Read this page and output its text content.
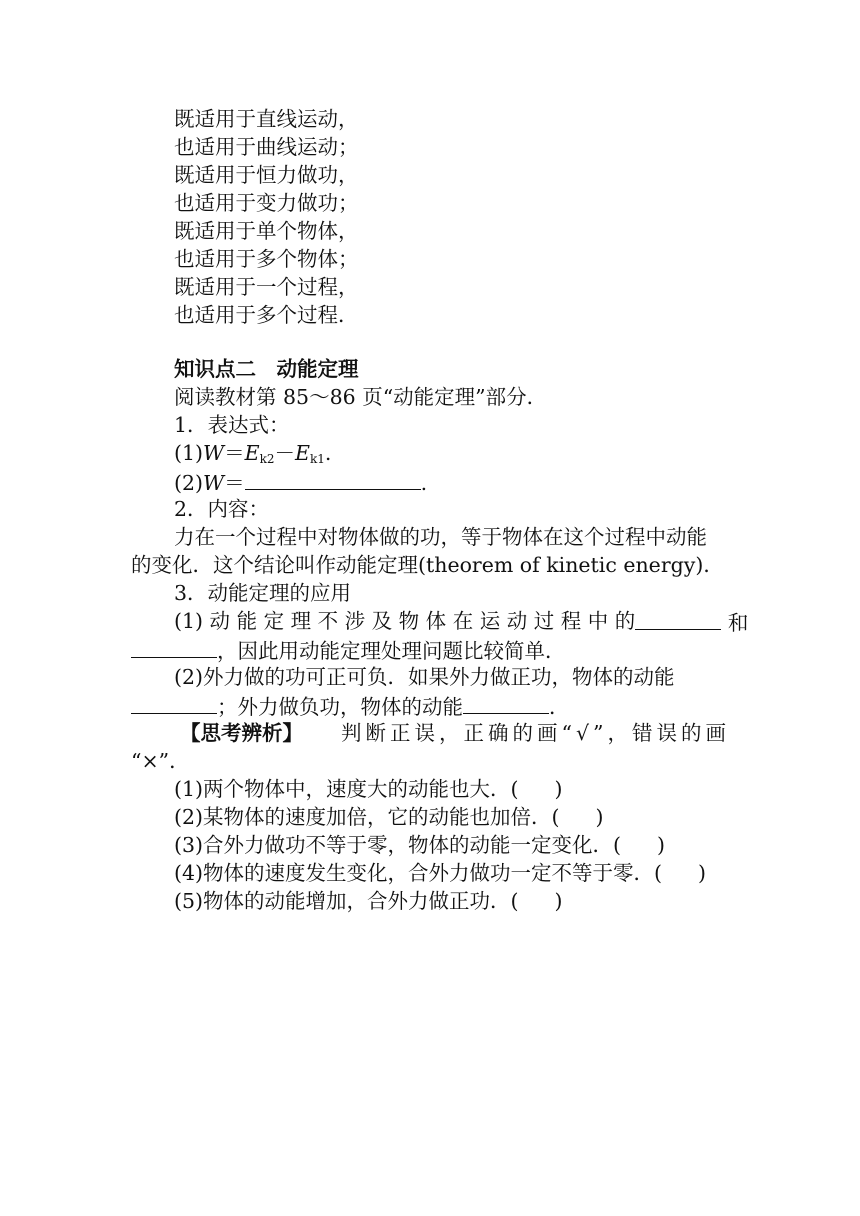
既适用于直线运动，
也适用于曲线运动；
既适用于恒力做功，
也适用于变力做功；
既适用于单个物体，
也适用于多个物体；
既适用于一个过程，
也适用于多个过程．
知识点二　动能定理
阅读教材第 85～86 页“动能定理”部分．
1．表达式：
$(1)W=E_{k2}-E_{k1}$.
(2)W＝	.
2．内容：
力在一个过程中对物体做的功，等于物体在这个过程中动能
的变化．这个结论叫作动能定理(theorem of kinetic energy)．
3．动能定理的应用
(1) 动 能 定 理 不 涉 及 物 体 在 运 动 过 程 中 的	和
，因此用动能定理处理问题比较简单．
(2)外力做的功可正可负．如果外力做正功，物体的动能
；外力做负功，物体的动能	．
【思考辨析】 判断正误，正确的画“√”，错误的画
“×”．
(1)两个物体中，速度大的动能也大．( )
(2)某物体的速度加倍，它的动能也加倍．( )
(3)合外力做功不等于零，物体的动能一定变化．( )
(4)物体的速度发生变化，合外力做功一定不等于零．( )
(5)物体的动能增加，合外力做正功．( )
